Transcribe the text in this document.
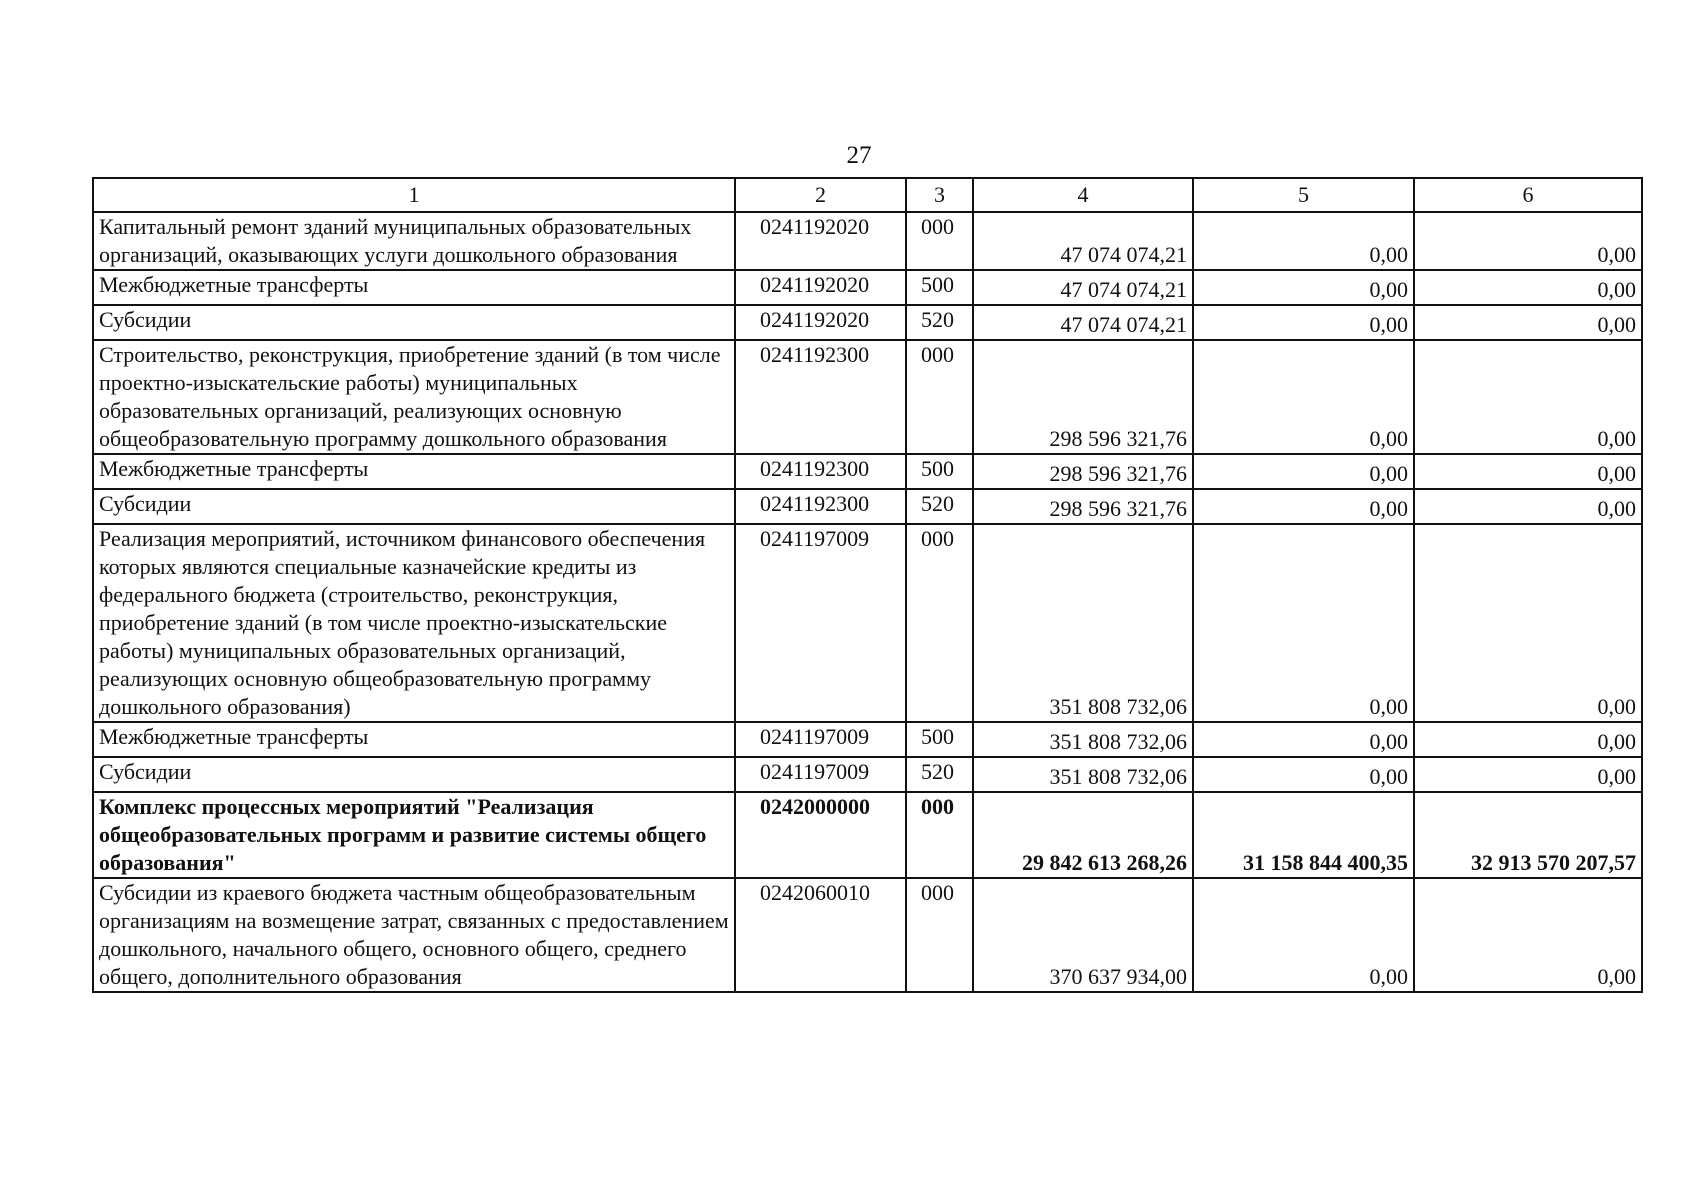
27
1	2	3	4	5	6
Капитальный ремонт зданий муниципальных образовательных организаций, оказывающих услуги дошкольного образования	0241192020	000	47 074 074,21	0,00	0,00
Межбюджетные трансферты	0241192020	500	47 074 074,21	0,00	0,00
Субсидии	0241192020	520	47 074 074,21	0,00	0,00
Строительство, реконструкция, приобретение зданий (в том числе проектно-изыскательские работы) муниципальных образовательных организаций, реализующих основную общеобразовательную программу дошкольного образования	0241192300	000	298 596 321,76	0,00	0,00
Межбюджетные трансферты	0241192300	500	298 596 321,76	0,00	0,00
Субсидии	0241192300	520	298 596 321,76	0,00	0,00
Реализация мероприятий, источником финансового обеспечения которых являются специальные казначейские кредиты из федерального бюджета (строительство, реконструкция, приобретение зданий (в том числе проектно-изыскательские работы) муниципальных образовательных организаций, реализующих основную общеобразовательную программу дошкольного образования)	0241197009	000	351 808 732,06	0,00	0,00
Межбюджетные трансферты	0241197009	500	351 808 732,06	0,00	0,00
Субсидии	0241197009	520	351 808 732,06	0,00	0,00
Комплекс процессных мероприятий "Реализация общеобразовательных программ и развитие системы общего образования"	0242000000	000	29 842 613 268,26	31 158 844 400,35	32 913 570 207,57
Субсидии из краевого бюджета частным общеобразовательным организациям на возмещение затрат, связанных с предоставлением дошкольного, начального общего, основного общего, среднего общего, дополнительного образования	0242060010	000	370 637 934,00	0,00	0,00
